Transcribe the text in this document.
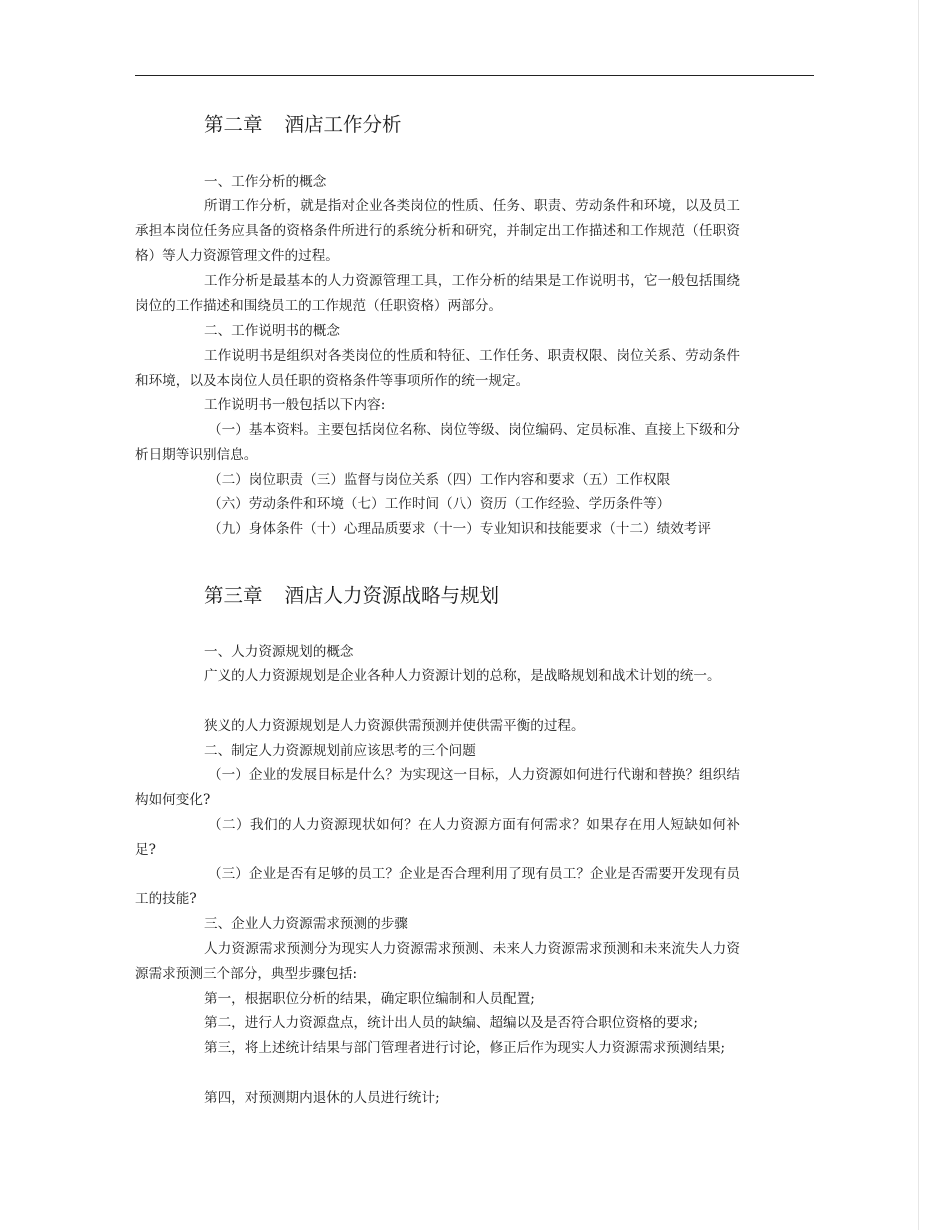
第二章 酒店工作分析
一、工作分析的概念
所谓工作分析，就是指对企业各类岗位的性质、任务、职责、劳动条件和环境，以及员工承担本岗位任务应具备的资格条件所进行的系统分析和研究，并制定出工作描述和工作规范（任职资格）等人力资源管理文件的过程。
工作分析是最基本的人力资源管理工具，工作分析的结果是工作说明书，它一般包括围绕岗位的工作描述和围绕员工的工作规范（任职资格）两部分。
二、工作说明书的概念
工作说明书是组织对各类岗位的性质和特征、工作任务、职责权限、岗位关系、劳动条件和环境，以及本岗位人员任职的资格条件等事项所作的统一规定。
工作说明书一般包括以下内容:
（一）基本资料。主要包括岗位名称、岗位等级、岗位编码、定员标准、直接上下级和分析日期等识别信息。
（二）岗位职责（三）监督与岗位关系（四）工作内容和要求（五）工作权限
（六）劳动条件和环境（七）工作时间（八）资历（工作经验、学历条件等）
（九）身体条件（十）心理品质要求（十一）专业知识和技能要求（十二）绩效考评
第三章 酒店人力资源战略与规划
一、人力资源规划的概念
广义的人力资源规划是企业各种人力资源计划的总称，是战略规划和战术计划的统一。
狭义的人力资源规划是人力资源供需预测并使供需平衡的过程。
二、制定人力资源规划前应该思考的三个问题
（一）企业的发展目标是什么？为实现这一目标，人力资源如何进行代谢和替换？组织结构如何变化?
（二）我们的人力资源现状如何？在人力资源方面有何需求？如果存在用人短缺如何补足?
（三）企业是否有足够的员工？企业是否合理利用了现有员工？企业是否需要开发现有员工的技能?
三、企业人力资源需求预测的步骤
人力资源需求预测分为现实人力资源需求预测、未来人力资源需求预测和未来流失人力资源需求预测三个部分，典型步骤包括:
第一，根据职位分析的结果，确定职位编制和人员配置;
第二，进行人力资源盘点，统计出人员的缺编、超编以及是否符合职位资格的要求;
第三，将上述统计结果与部门管理者进行讨论，修正后作为现实人力资源需求预测结果;
第四，对预测期内退休的人员进行统计;
